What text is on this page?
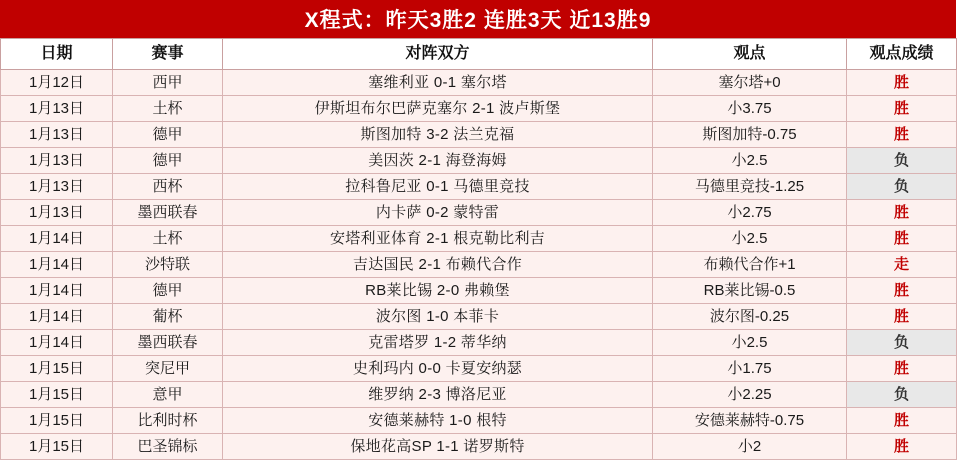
X程式：昨天3胜2 连胜3天 近13胜9
日期	赛事	对阵双方	观点	观点成绩
1月12日	西甲	塞维利亚 0-1 塞尔塔	塞尔塔+0	胜
1月13日	土杯	伊斯坦布尔巴萨克塞尔 2-1 波卢斯堡	小3.75	胜
1月13日	德甲	斯图加特 3-2 法兰克福	斯图加特-0.75	胜
1月13日	德甲	美因茨 2-1 海登海姆	小2.5	负
1月13日	西杯	拉科鲁尼亚 0-1 马德里竞技	马德里竞技-1.25	负
1月13日	墨西联春	内卡萨 0-2 蒙特雷	小2.75	胜
1月14日	土杯	安塔利亚体育 2-1 根克勒比利吉	小2.5	胜
1月14日	沙特联	吉达国民 2-1 布赖代合作	布赖代合作+1	走
1月14日	德甲	RB莱比锡 2-0 弗赖堡	RB莱比锡-0.5	胜
1月14日	葡杯	波尔图 1-0 本菲卡	波尔图-0.25	胜
1月14日	墨西联春	克雷塔罗 1-2 蒂华纳	小2.5	负
1月15日	突尼甲	史利玛内 0-0 卡夏安纳瑟	小1.75	胜
1月15日	意甲	维罗纳 2-3 博洛尼亚	小2.25	负
1月15日	比利时杯	安德莱赫特 1-0 根特	安德莱赫特-0.75	胜
1月15日	巴圣锦标	保地花高SP 1-1 诺罗斯特	小2	胜
